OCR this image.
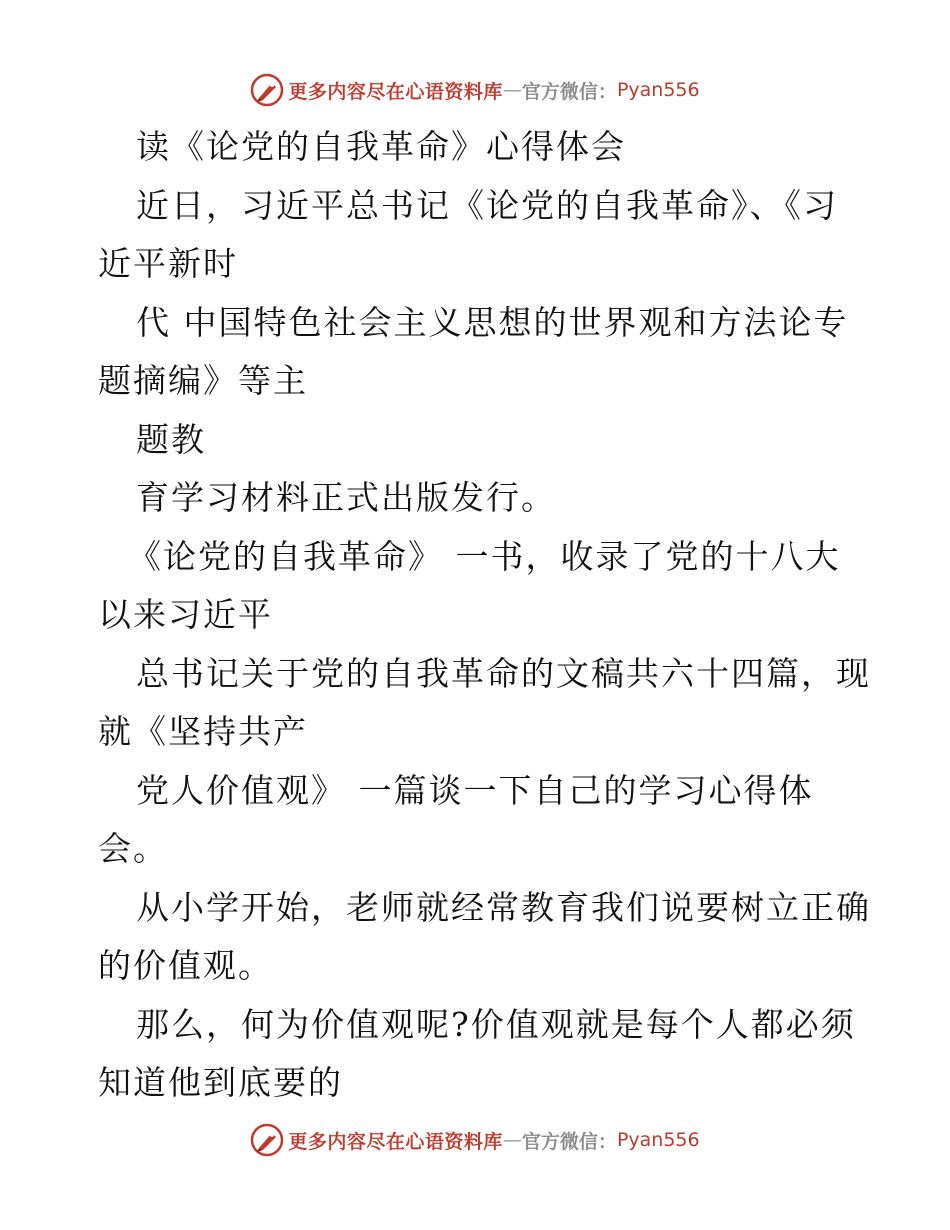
更多内容尽在心语资料库 — 官方微信： Pyan556
读《论党的自我革命》心得体会
近日，习近平总书记《论党的自我革命》、《习
近平新时
代 中国特色社会主义思想的世界观和方法论专
题摘编》等主
题教
育学习材料正式出版发行。
《论党的自我革命》 一书，收录了党的十八大
以来习近平
总书记关于党的自我革命的文稿共六十四篇，现
就《坚持共产
党人价值观》 一篇谈一下自己的学习心得体
会。
从小学开始，老师就经常教育我们说要树立正确
的价值观。
那么，何为价值观呢?价值观就是每个人都必须
知道他到底要的
更多内容尽在心语资料库 — 官方微信： Pyan556
